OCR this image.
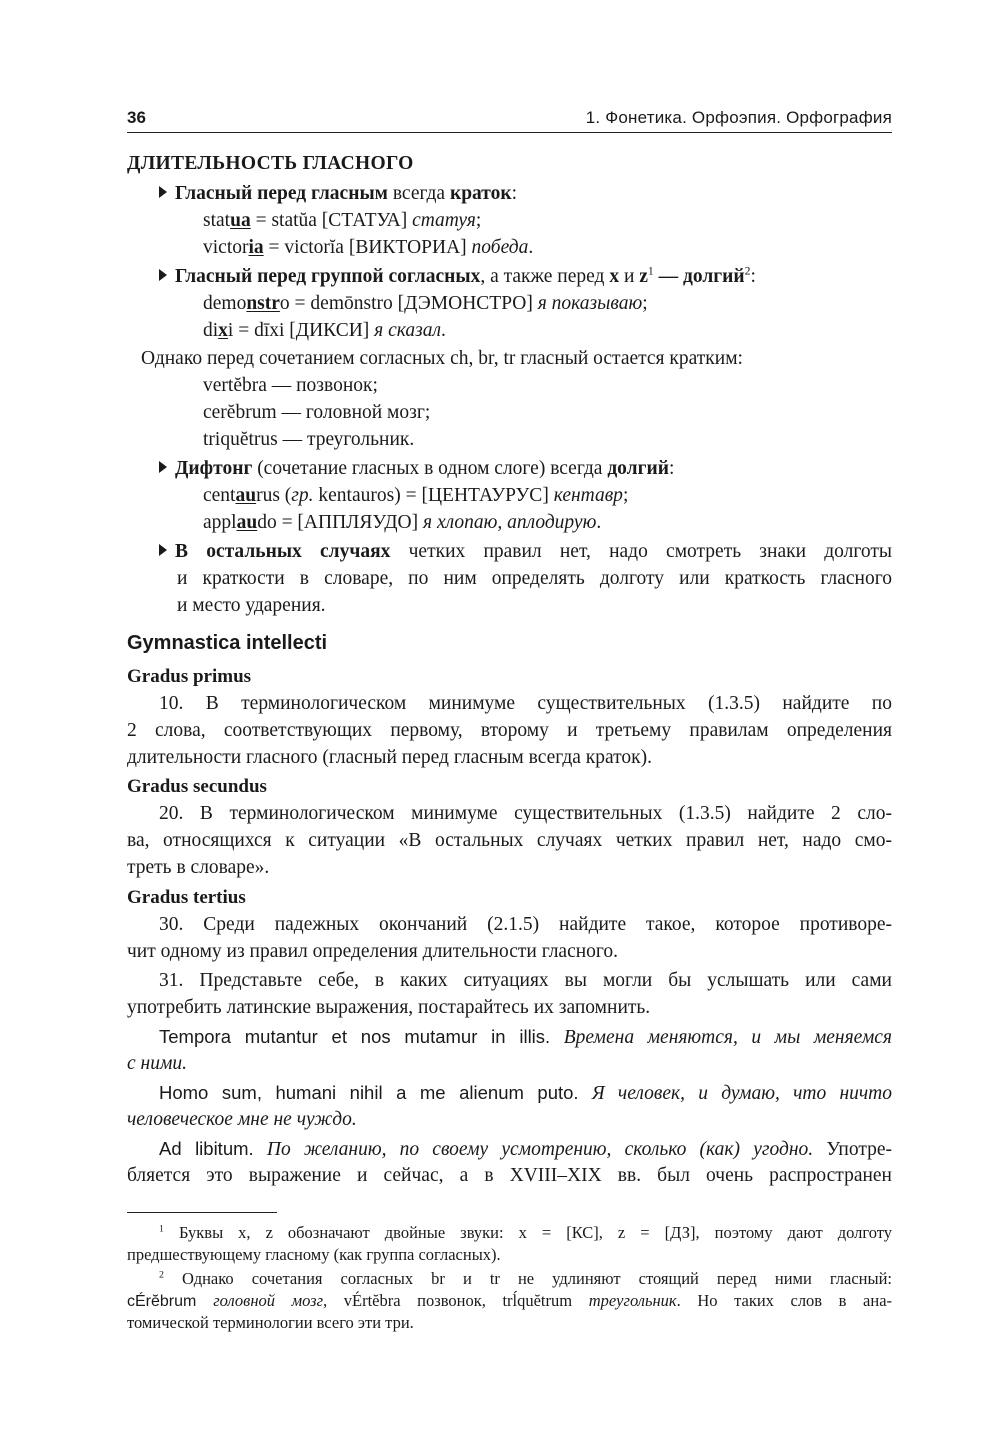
36	1. Фонетика. Орфоэпия. Орфография
ДЛИТЕЛЬНОСТЬ ГЛАСНОГО
Гласный перед гласным всегда краток:
statua = statŭa [СТАТУА] статуя;
victoria = victorĭa [ВИКТОРИА] победа.
Гласный перед группой согласных, а также перед x и $z^1$ — долгий$^2$:
demonstro = demōnstro [ДЭМОНСТРО] я показываю;
dixi = dīxi [ДИКСИ] я сказал.
Однако перед сочетанием согласных ch, br, tr гласный остается кратким:
vertĕbra — позвонок;
cerĕbrum — головной мозг;
triquĕtrus — треугольник.
Дифтонг (сочетание гласных в одном слоге) всегда долгий:
centaurus (гр. kentauros) = [ЦЕНТАУРУС] кентавр;
applaudo = [АППЛЯУДО] я хлопаю, аплодирую.
В остальных случаях четких правил нет, надо смотреть знаки долготы
и краткости в словаре, по ним определять долготу или краткость гласного
и место ударения.
Gymnastica intellecti
Gradus primus
10. В терминологическом минимуме существительных (1.3.5) найдите по
2 слова, соответствующих первому, второму и третьему правилам определения
длительности гласного (гласный перед гласным всегда краток).
Gradus secundus
20. В терминологическом минимуме существительных (1.3.5) найдите 2 сло-
ва, относящихся к ситуации «В остальных случаях четких правил нет, надо смо-
треть в словаре».
Gradus tertius
30. Среди падежных окончаний (2.1.5) найдите такое, которое противоре-
чит одному из правил определения длительности гласного.
31. Представьте себе, в каких ситуациях вы могли бы услышать или сами
употребить латинские выражения, постарайтесь их запомнить.
Tempora mutantur et nos mutamur in illis. Времена меняются, и мы меняемся
с ними.
Homo sum, humani nihil a me alienum puto. Я человек, и думаю, что ничто
человеческое мне не чуждо.
Ad libitum. По желанию, по своему усмотрению, сколько (как) угодно. Употре-
бляется это выражение и сейчас, а в XVIII–XIX вв. был очень распространен
$^1$ Буквы x, z обозначают двойные звуки: x = [КС], z = [ДЗ], поэтому дают долготу
предшествующему гласному (как группа согласных).
$^2$ Однако сочетания согласных br и tr не удлиняют стоящий перед ними гласный:
cÉrĕbrum головной мозг, vÉrtĕbra позвонок, trĺquĕtrum треугольник. Но таких слов в ана-
томической терминологии всего эти три.
